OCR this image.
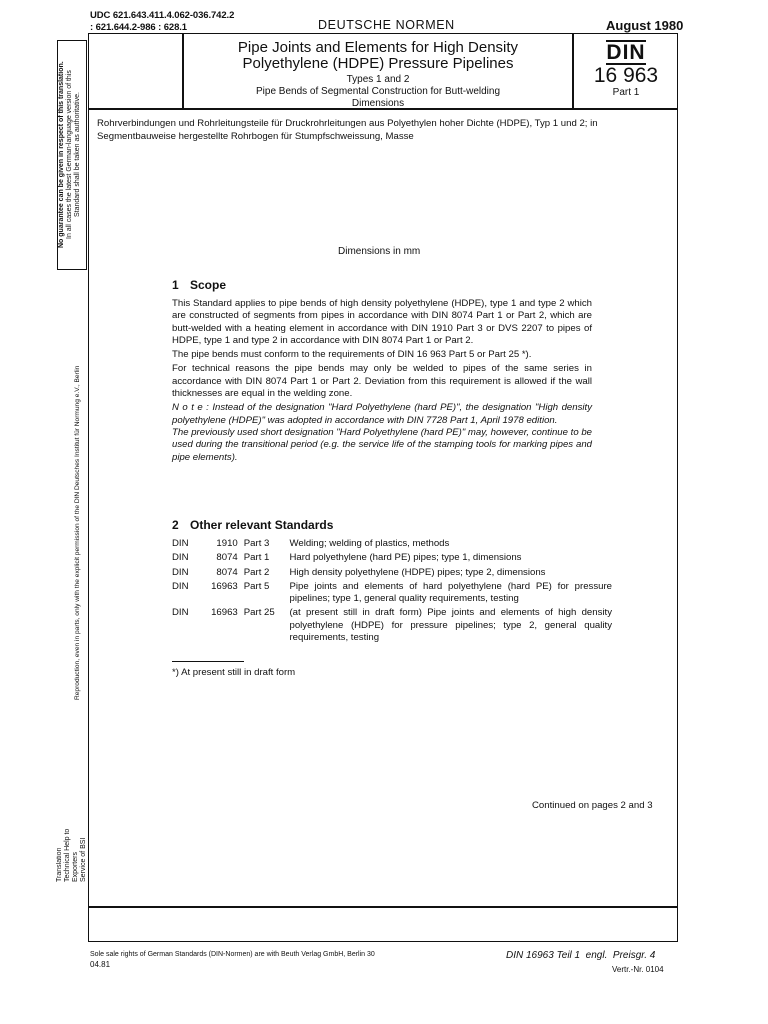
UDC 621.643.411.4.062-036.742.2
: 621.644.2-986 : 628.1	DEUTSCHE NORMEN	August 1980
No guarantee can be given in respect of this translation.
In all cases the latest German-language version of this
Standard shall be taken as authoritative.
Reproduction, even in parts, only with the explicit permission of the DIN Deutsches Institut für Normung e.V., Berlin
Translation
Technical Help to Exporters
Service of BSI
Pipe Joints and Elements for High Density
Polyethylene (HDPE) Pressure Pipelines
Types 1 and 2
Pipe Bends of Segmental Construction for Butt-welding
Dimensions
DIN
16 963
Part 1
Rohrverbindungen und Rohrleitungsteile für Druckrohrleitungen aus Polyethylen hoher Dichte (HDPE), Typ 1 und 2; in Segmentbauweise hergestellte Rohrbogen für Stumpfschweissung, Masse
Dimensions in mm
1 Scope

This Standard applies to pipe bends of high density polyethylene (HDPE), type 1 and type 2 which are constructed of segments from pipes in accordance with DIN 8074 Part 1 or Part 2, which are butt-welded with a heating element in accordance with DIN 1910 Part 3 or DVS 2207 to pipes of HDPE, type 1 and type 2 in accordance with DIN 8074 Part 1 or Part 2.

The pipe bends must conform to the requirements of DIN 16 963 Part 5 or Part 25 *).

For technical reasons the pipe bends may only be welded to pipes of the same series in accordance with DIN 8074 Part 1 or Part 2. Deviation from this requirement is allowed if the wall thicknesses are equal in the welding zone.

N o t e : Instead of the designation "Hard Polyethylene (hard PE)", the designation "High density polyethylene (HDPE)" was adopted in accordance with DIN 7728 Part 1, April 1978 edition.

The previously used short designation "Hard Polyethylene (hard PE)" may, however, continue to be used during the transitional period (e.g. the service life of the stamping tools for marking pipes and pipe elements).

2 Other relevant Standards
DIN	1910	Part 3	Welding; welding of plastics, methods
DIN	8074	Part 1	Hard polyethylene (hard PE) pipes; type 1, dimensions
DIN	8074	Part 2	High density polyethylene (HDPE) pipes; type 2, dimensions
DIN	16963	Part 5	Pipe joints and elements of hard polyethylene (hard PE) for pressure pipelines; type 1, general quality requirements, testing
DIN	16963	Part 25	(at present still in draft form) Pipe joints and elements of high density polyethylene (HDPE) for pressure pipelines; type 2, general quality requirements, testing
*) At present still in draft form
Continued on pages 2 and 3
Sole sale rights of German Standards (DIN-Normen) are with Beuth Verlag GmbH, Berlin 30
04.81
DIN 16963 Teil 1  engl.  Preisgr. 4
Vertr.-Nr. 0104
